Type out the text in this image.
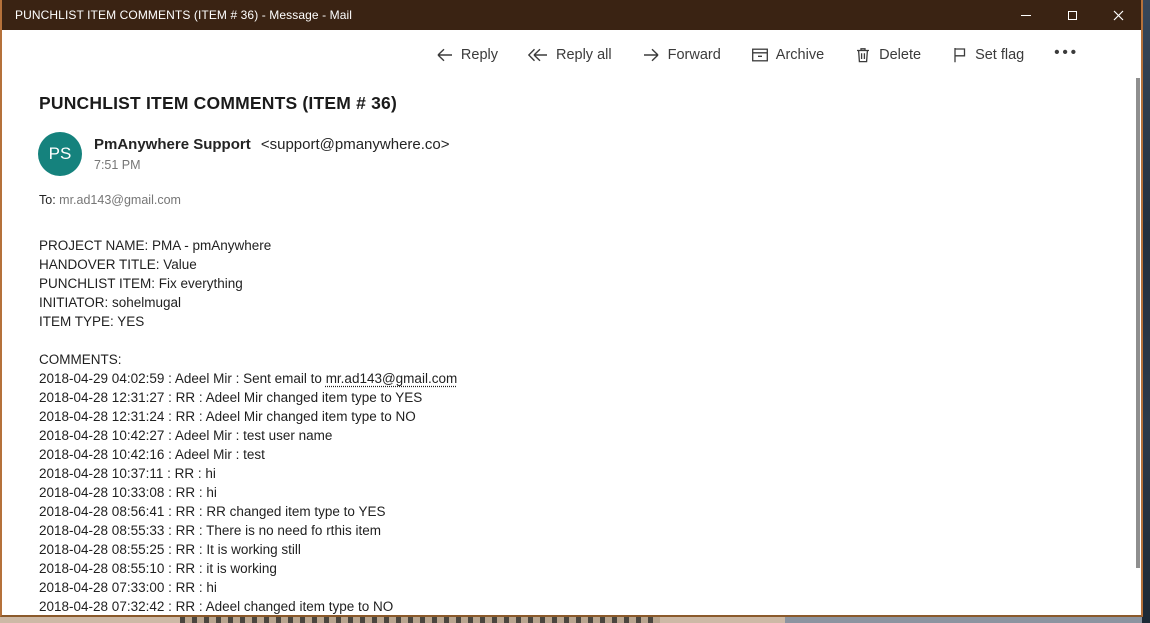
PUNCHLIST ITEM COMMENTS (ITEM # 36) - Message - Mail
Reply	Reply all	Forward	Archive	Delete	Set flag •••
PUNCHLIST ITEM COMMENTS (ITEM # 36)
PS PmAnywhere Support <support@pmanywhere.co>
7:51 PM
To: mr.ad143@gmail.com
PROJECT NAME: PMA - pmAnywhere
HANDOVER TITLE: Value
PUNCHLIST ITEM: Fix everything
INITIATOR: sohelmugal
ITEM TYPE: YES
COMMENTS:
2018-04-29 04:02:59 : Adeel Mir : Sent email to mr.ad143@gmail.com
2018-04-28 12:31:27 : RR : Adeel Mir changed item type to YES
2018-04-28 12:31:24 : RR : Adeel Mir changed item type to NO
2018-04-28 10:42:27 : Adeel Mir : test user name
2018-04-28 10:42:16 : Adeel Mir : test
2018-04-28 10:37:11 : RR : hi
2018-04-28 10:33:08 : RR : hi
2018-04-28 08:56:41 : RR : RR changed item type to YES
2018-04-28 08:55:33 : RR : There is no need fo rthis item
2018-04-28 08:55:25 : RR : It is working still
2018-04-28 08:55:10 : RR : it is working
2018-04-28 07:33:00 : RR : hi
2018-04-28 07:32:42 : RR : Adeel changed item type to NO
